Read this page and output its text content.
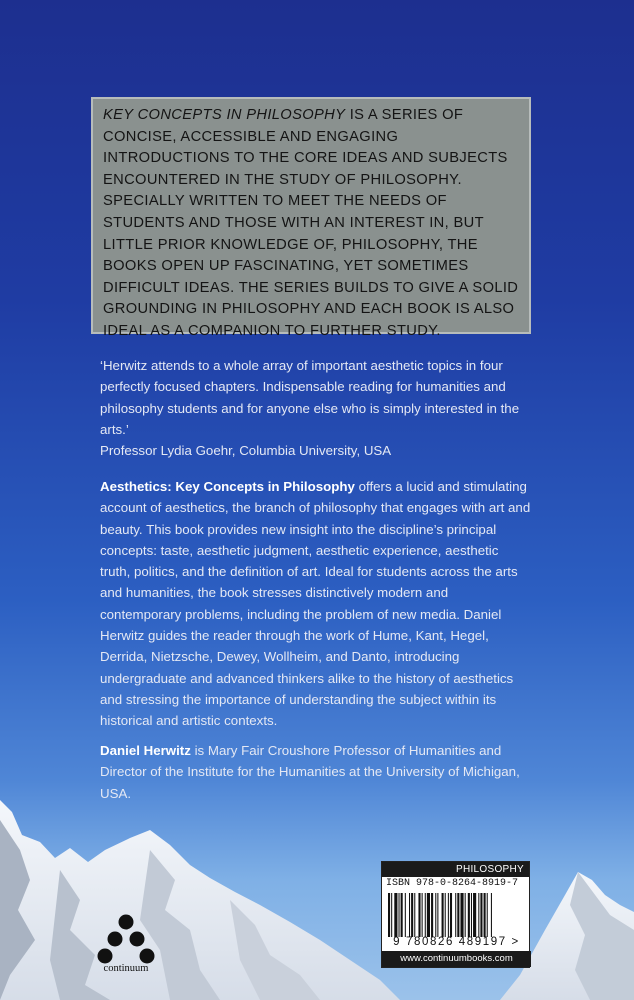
KEY CONCEPTS IN PHILOSOPHY IS A SERIES OF CONCISE, ACCESSIBLE AND ENGAGING INTRODUCTIONS TO THE CORE IDEAS AND SUBJECTS ENCOUNTERED IN THE STUDY OF PHILOSOPHY. SPECIALLY WRITTEN TO MEET THE NEEDS OF STUDENTS AND THOSE WITH AN INTEREST IN, BUT LITTLE PRIOR KNOWLEDGE OF, PHILOSOPHY, THE BOOKS OPEN UP FASCINATING, YET SOMETIMES DIFFICULT IDEAS. THE SERIES BUILDS TO GIVE A SOLID GROUNDING IN PHILOSOPHY AND EACH BOOK IS ALSO IDEAL AS A COMPANION TO FURTHER STUDY.

‘Herwitz attends to a whole array of important aesthetic topics in four perfectly focused chapters. Indispensable reading for humanities and philosophy students and for anyone else who is simply interested in the arts.’

Professor Lydia Goehr, Columbia University, USA

Aesthetics: Key Concepts in Philosophy offers a lucid and stimulating account of aesthetics, the branch of philosophy that engages with art and beauty. This book provides new insight into the discipline’s principal concepts: taste, aesthetic judgment, aesthetic experience, aesthetic truth, politics, and the definition of art. Ideal for students across the arts and humanities, the book stresses distinctively modern and contemporary problems, including the problem of new media. Daniel Herwitz guides the reader through the work of Hume, Kant, Hegel, Derrida, Nietzsche, Dewey, Wollheim, and Danto, introducing undergraduate and advanced thinkers alike to the history of aesthetics and stressing the importance of understanding the subject within its historical and artistic contexts.

Daniel Herwitz is Mary Fair Croushore Professor of Humanities and Director of the Institute for the Humanities at the University of Michigan, USA.

continuum
PHILOSOPHY
ISBN 978-0-8264-8919-7
9 780826 489197 >
www.continuumbooks.com
